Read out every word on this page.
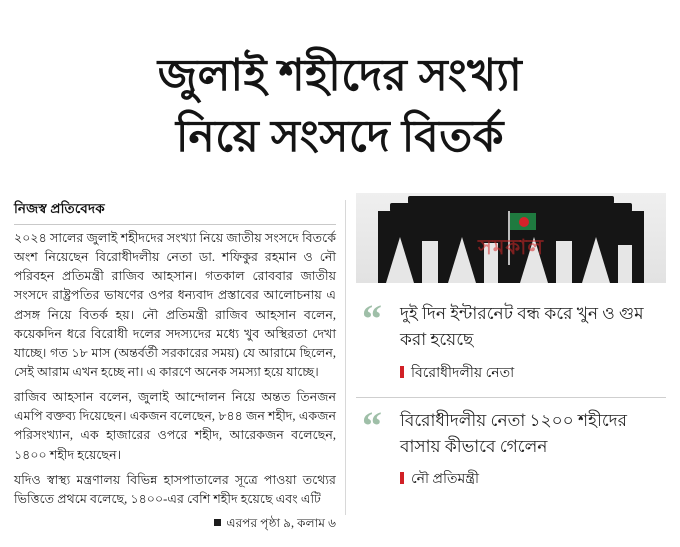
জুলাই শহীদের সংখ্যা
নিয়ে সংসদে বিতর্ক

নিজস্ব প্রতিবেদক

২০২৪ সালের জুলাই শহীদদের সংখ্যা নিয়ে জাতীয় সংসদে বিতর্কে অংশ নিয়েছেন বিরোধীদলীয় নেতা ডা. শফিকুর রহমান ও নৌ পরিবহন প্রতিমন্ত্রী রাজিব আহসান। গতকাল রোববার জাতীয় সংসদে রাষ্ট্রপতির ভাষণের ওপর ধন্যবাদ প্রস্তাবের আলোচনায় এ প্রসঙ্গ নিয়ে বিতর্ক হয়। নৌ প্রতিমন্ত্রী রাজিব আহসান বলেন, কয়েকদিন ধরে বিরোধী দলের সদস্যদের মধ্যে খুব অস্থিরতা দেখা যাচ্ছে। গত ১৮ মাস (অন্তর্বর্তী সরকারের সময়) যে আরামে ছিলেন, সেই আরাম এখন হচ্ছে না। এ কারণে অনেক সমস্যা হয়ে যাচ্ছে।

রাজিব আহসান বলেন, জুলাই আন্দোলন নিয়ে অন্তত তিনজন এমপি বক্তব্য দিয়েছেন। একজন বলেছেন, ৮৪৪ জন শহীদ, একজন পরিসংখ্যান, এক হাজারের ওপরে শহীদ, আরেকজন বলেছেন, ১৪০০ শহীদ হয়েছেন।

যদিও স্বাস্থ্য মন্ত্রণালয় বিভিন্ন হাসপাতালের সূত্রে পাওয়া তথ্যের ভিত্তিতে প্রথমে বলেছে, ১৪০০-এর বেশি শহীদ হয়েছে এবং এটি

এরপর পৃষ্ঠা ৯, কলাম ৬

সমকাল
“ দুই দিন ইন্টারনেট বন্ধ করে খুন ও গুম করা হয়েছে

বিরোধীদলীয় নেতা

“ বিরোধীদলীয় নেতা ১২০০ শহীদের বাসায় কীভাবে গেলেন

নৌ প্রতিমন্ত্রী
